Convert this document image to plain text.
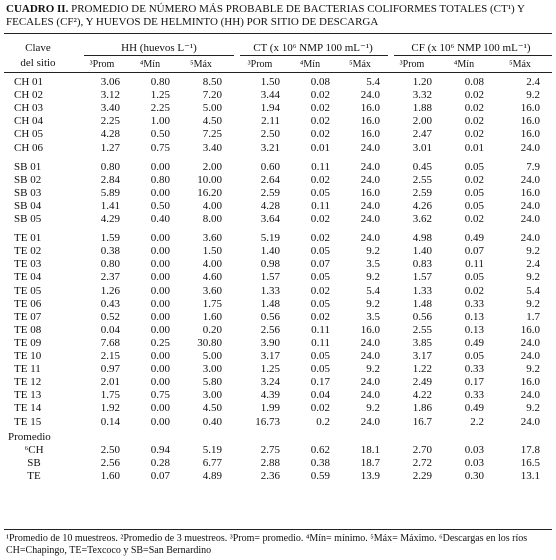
CUADRO II. PROMEDIO DE NÚMERO MÁS PROBABLE DE BACTERIAS COLIFORMES TOTALES (CT¹) Y FECALES (CF²), Y HUEVOS DE HELMINTO (HH) POR SITIO DE DESCARGA
Clave	HH (huevos L⁻¹)	CT (x 10⁶ NMP 100 mL⁻¹)	CF (x 10⁶ NMP 100 mL⁻¹)
del sitio	³Prom	⁴Mín	⁵Máx	³Prom	⁴Mín	⁵Máx	³Prom	⁴Mín	⁵Máx
CH 01	3.06	0.80	8.50	1.50	0.08	5.4	1.20	0.08	2.4
CH 02	3.12	1.25	7.20	3.44	0.02	24.0	3.32	0.02	9.2
CH 03	3.40	2.25	5.00	1.94	0.02	16.0	1.88	0.02	16.0
CH 04	2.25	1.00	4.50	2.11	0.02	16.0	2.00	0.02	16.0
CH 05	4.28	0.50	7.25	2.50	0.02	16.0	2.47	0.02	16.0
CH 06	1.27	0.75	3.40	3.21	0.01	24.0	3.01	0.01	24.0
SB 01	0.80	0.00	2.00	0.60	0.11	24.0	0.45	0.05	7.9
SB 02	2.84	0.80	10.00	2.64	0.02	24.0	2.55	0.02	24.0
SB 03	5.89	0.00	16.20	2.59	0.05	16.0	2.59	0.05	16.0
SB 04	1.41	0.50	4.00	4.28	0.11	24.0	4.26	0.05	24.0
SB 05	4.29	0.40	8.00	3.64	0.02	24.0	3.62	0.02	24.0
TE 01	1.59	0.00	3.60	5.19	0.02	24.0	4.98	0.49	24.0
TE 02	0.38	0.00	1.50	1.40	0.05	9.2	1.40	0.07	9.2
TE 03	0.80	0.00	4.00	0.98	0.07	3.5	0.83	0.11	2.4
TE 04	2.37	0.00	4.60	1.57	0.05	9.2	1.57	0.05	9.2
TE 05	1.26	0.00	3.60	1.33	0.02	5.4	1.33	0.02	5.4
TE 06	0.43	0.00	1.75	1.48	0.05	9.2	1.48	0.33	9.2
TE 07	0.52	0.00	1.60	0.56	0.02	3.5	0.56	0.13	1.7
TE 08	0.04	0.00	0.20	2.56	0.11	16.0	2.55	0.13	16.0
TE 09	7.68	0.25	30.80	3.90	0.11	24.0	3.85	0.49	24.0
TE 10	2.15	0.00	5.00	3.17	0.05	24.0	3.17	0.05	24.0
TE 11	0.97	0.00	3.00	1.25	0.05	9.2	1.22	0.33	9.2
TE 12	2.01	0.00	5.80	3.24	0.17	24.0	2.49	0.17	16.0
TE 13	1.75	0.75	3.00	4.39	0.04	24.0	4.22	0.33	24.0
TE 14	1.92	0.00	4.50	1.99	0.02	9.2	1.86	0.49	9.2
TE 15	0.14	0.00	0.40	16.73	0.2	24.0	16.7	2.2	24.0
Promedio
⁶CH	2.50	0.94	5.19	2.75	0.62	18.1	2.70	0.03	17.8
SB	2.56	0.28	6.77	2.88	0.38	18.7	2.72	0.03	16.5
TE	1.60	0.07	4.89	2.36	0.59	13.9	2.29	0.30	13.1
¹Promedio de 10 muestreos. ²Promedio de 3 muestreos. ³Prom= promedio. ⁴Mín= mínimo. ⁵Máx= Máximo. ⁶Descargas en los ríos CH=Chapingo, TE=Texcoco y SB=San Bernardino
